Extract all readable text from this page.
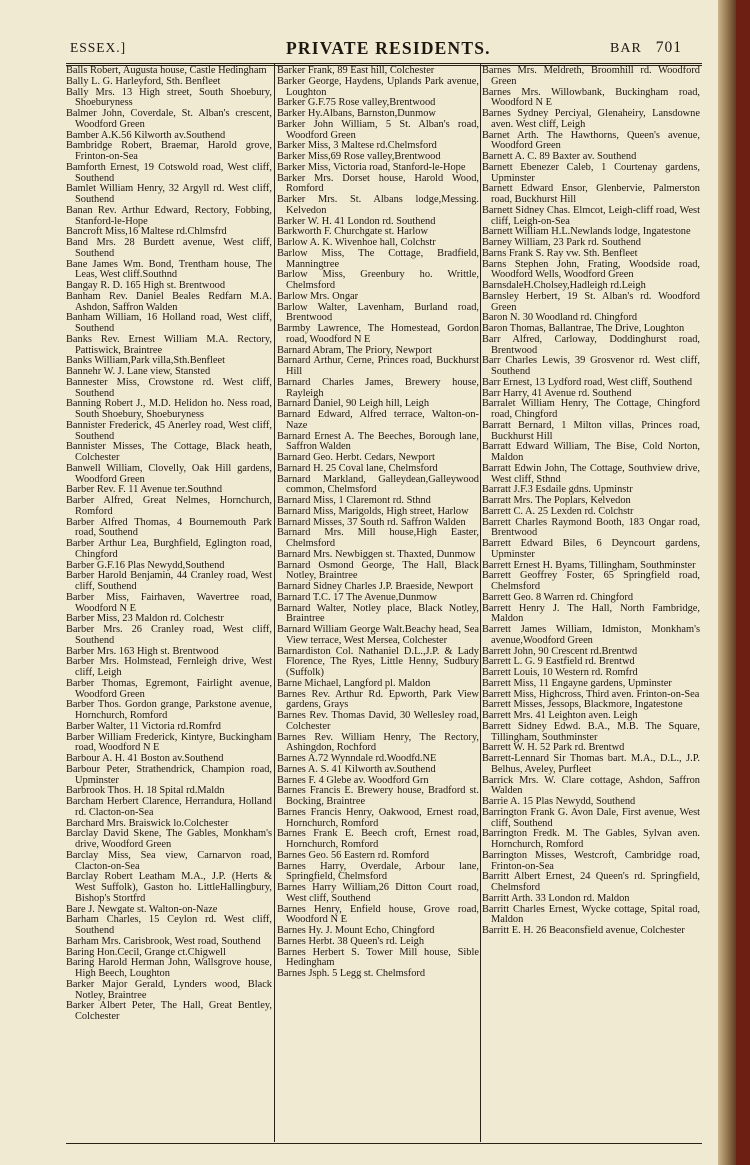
ESSEX.]	PRIVATE RESIDENTS.	BAR 701

Balls Robert, Augusta house, Castle Hedingham

Bally L. G. Harleyford, Sth. Benfleet

Bally Mrs. 13 High street, South Shoebury, Shoeburyness

Balmer John, Coverdale, St. Alban's crescent, Woodford Green

Bamber A.K.56 Kilworth av.Southend

Bambridge Robert, Braemar, Harold grove, Frinton-on-Sea

Bamforth Ernest, 19 Cotswold road, West cliff, Southend

Bamlet William Henry, 32 Argyll rd. West cliff, Southend

Banan Rev. Arthur Edward, Rectory, Fobbing, Stanford-le-Hope

Bancroft Miss,16 Maltese rd.Chlmsfrd

Band Mrs. 28 Burdett avenue, West cliff, Southend

Bane James Wm. Bond, Trentham house, The Leas, West cliff.Southnd

Bangay R. D. 165 High st. Brentwood

Banham Rev. Daniel Beales Redfarn M.A. Ashdon, Saffron Walden

Banham William, 16 Holland road, West cliff, Southend

Banks Rev. Ernest William M.A. Rectory, Pattiswick, Braintree

Banks William,Park villa,Sth.Benfleet

Bannehr W. J. Lane view, Stansted

Bannester Miss, Crowstone rd. West cliff, Southend

Banning Robert J., M.D. Helidon ho. Ness road, South Shoebury, Shoeburyness

Bannister Frederick, 45 Anerley road, West cliff, Southend

Bannister Misses, The Cottage, Black heath, Colchester

Banwell William, Clovelly, Oak Hill gardens, Woodford Green

Barber Rev. F. 11 Avenue ter.Southnd

Barber Alfred, Great Nelmes, Hornchurch, Romford

Barber Alfred Thomas, 4 Bournemouth Park road, Southend

Barber Arthur Lea, Burghfield, Eglington road, Chingford

Barber G.F.16 Plas Newydd,Southend

Barber Harold Benjamin, 44 Cranley road, West cliff, Southend

Barber Miss, Fairhaven, Wavertree road, Woodford N E

Barber Miss, 23 Maldon rd. Colchestr

Barber Mrs. 26 Cranley road, West cliff, Southend

Barber Mrs. 163 High st. Brentwood

Barber Mrs. Holmstead, Fernleigh drive, West cliff, Leigh

Barber Thomas, Egremont, Fairlight avenue, Woodford Green

Barber Thos. Gordon grange, Parkstone avenue, Hornchurch, Romford

Barber Walter, 11 Victoria rd.Romfrd

Barber William Frederick, Kintyre, Buckingham road, Woodford N E

Barbour A. H. 41 Boston av.Southend

Barbour Peter, Strathendrick, Champion road, Upminster

Barbrook Thos. H. 18 Spital rd.Maldn

Barcham Herbert Clarence, Herrandura, Holland rd. Clacton-on-Sea

Barchard Mrs. Braiswick lo.Colchester

Barclay David Skene, The Gables, Monkham's drive, Woodford Green

Barclay Miss, Sea view, Carnarvon road, Clacton-on-Sea

Barclay Robert Leatham M.A., J.P. (Herts & West Suffolk), Gaston ho. LittleHallingbury, Bishop's Stortfrd

Bare J. Newgate st. Walton-on-Naze

Barham Charles, 15 Ceylon rd. West cliff, Southend

Barham Mrs. Carisbrook, West road, Southend

Baring Hon.Cecil, Grange ct.Chigwell

Baring Harold Herman John, Wallsgrove house, High Beech, Loughton

Barker Major Gerald, Lynders wood, Black Notley, Braintree

Barker Albert Peter, The Hall, Great Bentley, Colchester

Barker Frank, 89 East hill, Colchester

Barker George, Haydens, Uplands Park avenue, Loughton

Barker G.F.75 Rose valley,Brentwood

Barker Hy.Albans, Barnston,Dunmow

Barker John William, 5 St. Alban's road, Woodford Green

Barker Miss, 3 Maltese rd.Chelmsford

Barker Miss,69 Rose valley,Brentwood

Barker Miss, Victoria road, Stanford-le-Hope

Barker Mrs. Dorset house, Harold Wood, Romford

Barker Mrs. St. Albans lodge,Messing. Kelvedon

Barker W. H. 41 London rd. Southend

Barkworth F. Churchgate st. Harlow

Barlow A. K. Wivenhoe hall, Colchstr

Barlow Miss, The Cottage, Bradfield, Manningtree

Barlow Miss, Greenbury ho. Writtle, Chelmsford

Barlow Mrs. Ongar

Barlow Walter, Lavenham, Burland road, Brentwood

Barmby Lawrence, The Homestead, Gordon road, Woodford N E

Barnard Abram, The Priory, Newport

Barnard Arthur, Cerne, Princes road, Buckhurst Hill

Barnard Charles James, Brewery house, Rayleigh

Barnard Daniel, 90 Leigh hill, Leigh

Barnard Edward, Alfred terrace, Walton-on-Naze

Barnard Ernest A. The Beeches, Borough lane, Saffron Walden

Barnard Geo. Herbt. Cedars, Newport

Barnard H. 25 Coval lane, Chelmsford

Barnard Markland, Galleydean,Galleywood common, Chelmsford

Barnard Miss, 1 Claremont rd. Sthnd

Barnard Miss, Marigolds, High street, Harlow

Barnard Misses, 37 South rd. Saffron Walden

Barnard Mrs. Mill house,High Easter, Chelmsford

Barnard Mrs. Newbiggen st. Thaxted, Dunmow

Barnard Osmond George, The Hall, Black Notley, Braintree

Barnard Sidney Charles J.P. Braeside, Newport

Barnard T.C. 17 The Avenue,Dunmow

Barnard Walter, Notley place, Black Notley, Braintree

Barnard William George Walt.Beachy head, Sea View terrace, West Mersea, Colchester

Barnardiston Col. Nathaniel D.L.,J.P. & Lady Florence, The Ryes, Little Henny, Sudbury (Suffolk)

Barne Michael, Langford pl. Maldon

Barnes Rev. Arthur Rd. Epworth, Park View gardens, Grays

Barnes Rev. Thomas David, 30 Wellesley road, Colchester

Barnes Rev. William Henry, The Rectory, Ashingdon, Rochford

Barnes A.72 Wynndale rd.Woodfd.NE

Barnes A. S. 41 Kilworth av.Southend

Barnes F. 4 Glebe av. Woodford Grn

Barnes Francis E. Brewery house, Bradford st. Bocking, Braintree

Barnes Francis Henry, Oakwood, Ernest road, Hornchurch, Romford

Barnes Frank E. Beech croft, Ernest road, Hornchurch, Romford

Barnes Geo. 56 Eastern rd. Romford

Barnes Harry, Overdale, Arbour lane, Springfield, Chelmsford

Barnes Harry William,26 Ditton Court road, West cliff, Southend

Barnes Henry, Enfield house, Grove road, Woodford N E

Barnes Hy. J. Mount Echo, Chingford

Barnes Herbt. 38 Queen's rd. Leigh

Barnes Herbert S. Tower Mill house, Sible Hedingham

Barnes Jsph. 5 Legg st. Chelmsford

Barnes Mrs. Meldreth, Broomhill rd. Woodford Green

Barnes Mrs. Willowbank, Buckingham road, Woodford N E

Barnes Sydney Perciyal, Glenaheiry, Lansdowne aven. West cliff, Leigh

Barnet Arth. The Hawthorns, Queen's avenue, Woodford Green

Barnett A. C. 89 Baxter av. Southend

Barnett Ebenezer Caleb, 1 Courtenay gardens, Upminster

Barnett Edward Ensor, Glenbervie, Palmerston road, Buckhurst Hill

Barnett Sidney Chas. Elmcot, Leigh-cliff road, West cliff, Leigh-on-Sea

Barnett William H.L.Newlands lodge, Ingatestone

Barney William, 23 Park rd. Southend

Barns Frank S. Ray vw. Sth. Benfleet

Barns Stephen John, Frating, Woodside road, Woodford Wells, Woodford Green

BarnsdaleH.Cholsey,Hadleigh rd.Leigh

Barnsley Herbert, 19 St. Alban's rd. Woodford Green

Baron N. 30 Woodland rd. Chingford

Baron Thomas, Ballantrae, The Drive, Loughton

Barr Alfred, Carloway, Doddinghurst road, Brentwood

Barr Charles Lewis, 39 Grosvenor rd. West cliff, Southend

Barr Ernest, 13 Lydford road, West cliff, Southend

Barr Harry, 41 Avenue rd. Southend

Barralet William Henry, The Cottage, Chingford road, Chingford

Barratt Bernard, 1 Milton villas, Princes road, Buckhurst Hill

Barratt Edward William, The Bise, Cold Norton, Maldon

Barratt Edwin John, The Cottage, Southview drive, West cliff, Sthnd

Barratt J.F.3 Esdaile gdns. Upminstr

Barratt Mrs. The Poplars, Kelvedon

Barrett C. A. 25 Lexden rd. Colchstr

Barrett Charles Raymond Booth, 183 Ongar road, Brentwood

Barrett Edward Biles, 6 Deyncourt gardens, Upminster

Barrett Ernest H. Byams, Tillingham, Southminster

Barrett Geoffrey Foster, 65 Springfield road, Chelmsford

Barrett Geo. 8 Warren rd. Chingford

Barrett Henry J. The Hall, North Fambridge, Maldon

Barrett James William, Idmiston, Monkham's avenue,Woodford Green

Barrett John, 90 Crescent rd.Brentwd

Barrett L. G. 9 Eastfield rd. Brentwd

Barrett Louis, 10 Western rd. Romfrd

Barrett Miss, 11 Engayne gardens, Upminster

Barrett Miss, Highcross, Third aven. Frinton-on-Sea

Barrett Misses, Jessops, Blackmore, Ingatestone

Barrett Mrs. 41 Leighton aven. Leigh

Barrett Sidney Edwd. B.A., M.B. The Square, Tillingham, Southminster

Barrett W. H. 52 Park rd. Brentwd

Barrett-Lennard Sir Thomas bart. M.A., D.L., J.P. Belhus, Aveley, Purfleet

Barrick Mrs. W. Clare cottage, Ashdon, Saffron Walden

Barrie A. 15 Plas Newydd, Southend

Barrington Frank G. Avon Dale, First avenue, West cliff, Southend

Barrington Fredk. M. The Gables, Sylvan aven. Hornchurch, Romford

Barrington Misses, Westcroft, Cambridge road, Frinton-on-Sea

Barritt Albert Ernest, 24 Queen's rd. Springfield, Chelmsford

Barritt Arth. 33 London rd. Maldon

Barritt Charles Ernest, Wycke cottage, Spital road, Maldon

Barritt E. H. 26 Beaconsfield avenue, Colchester
